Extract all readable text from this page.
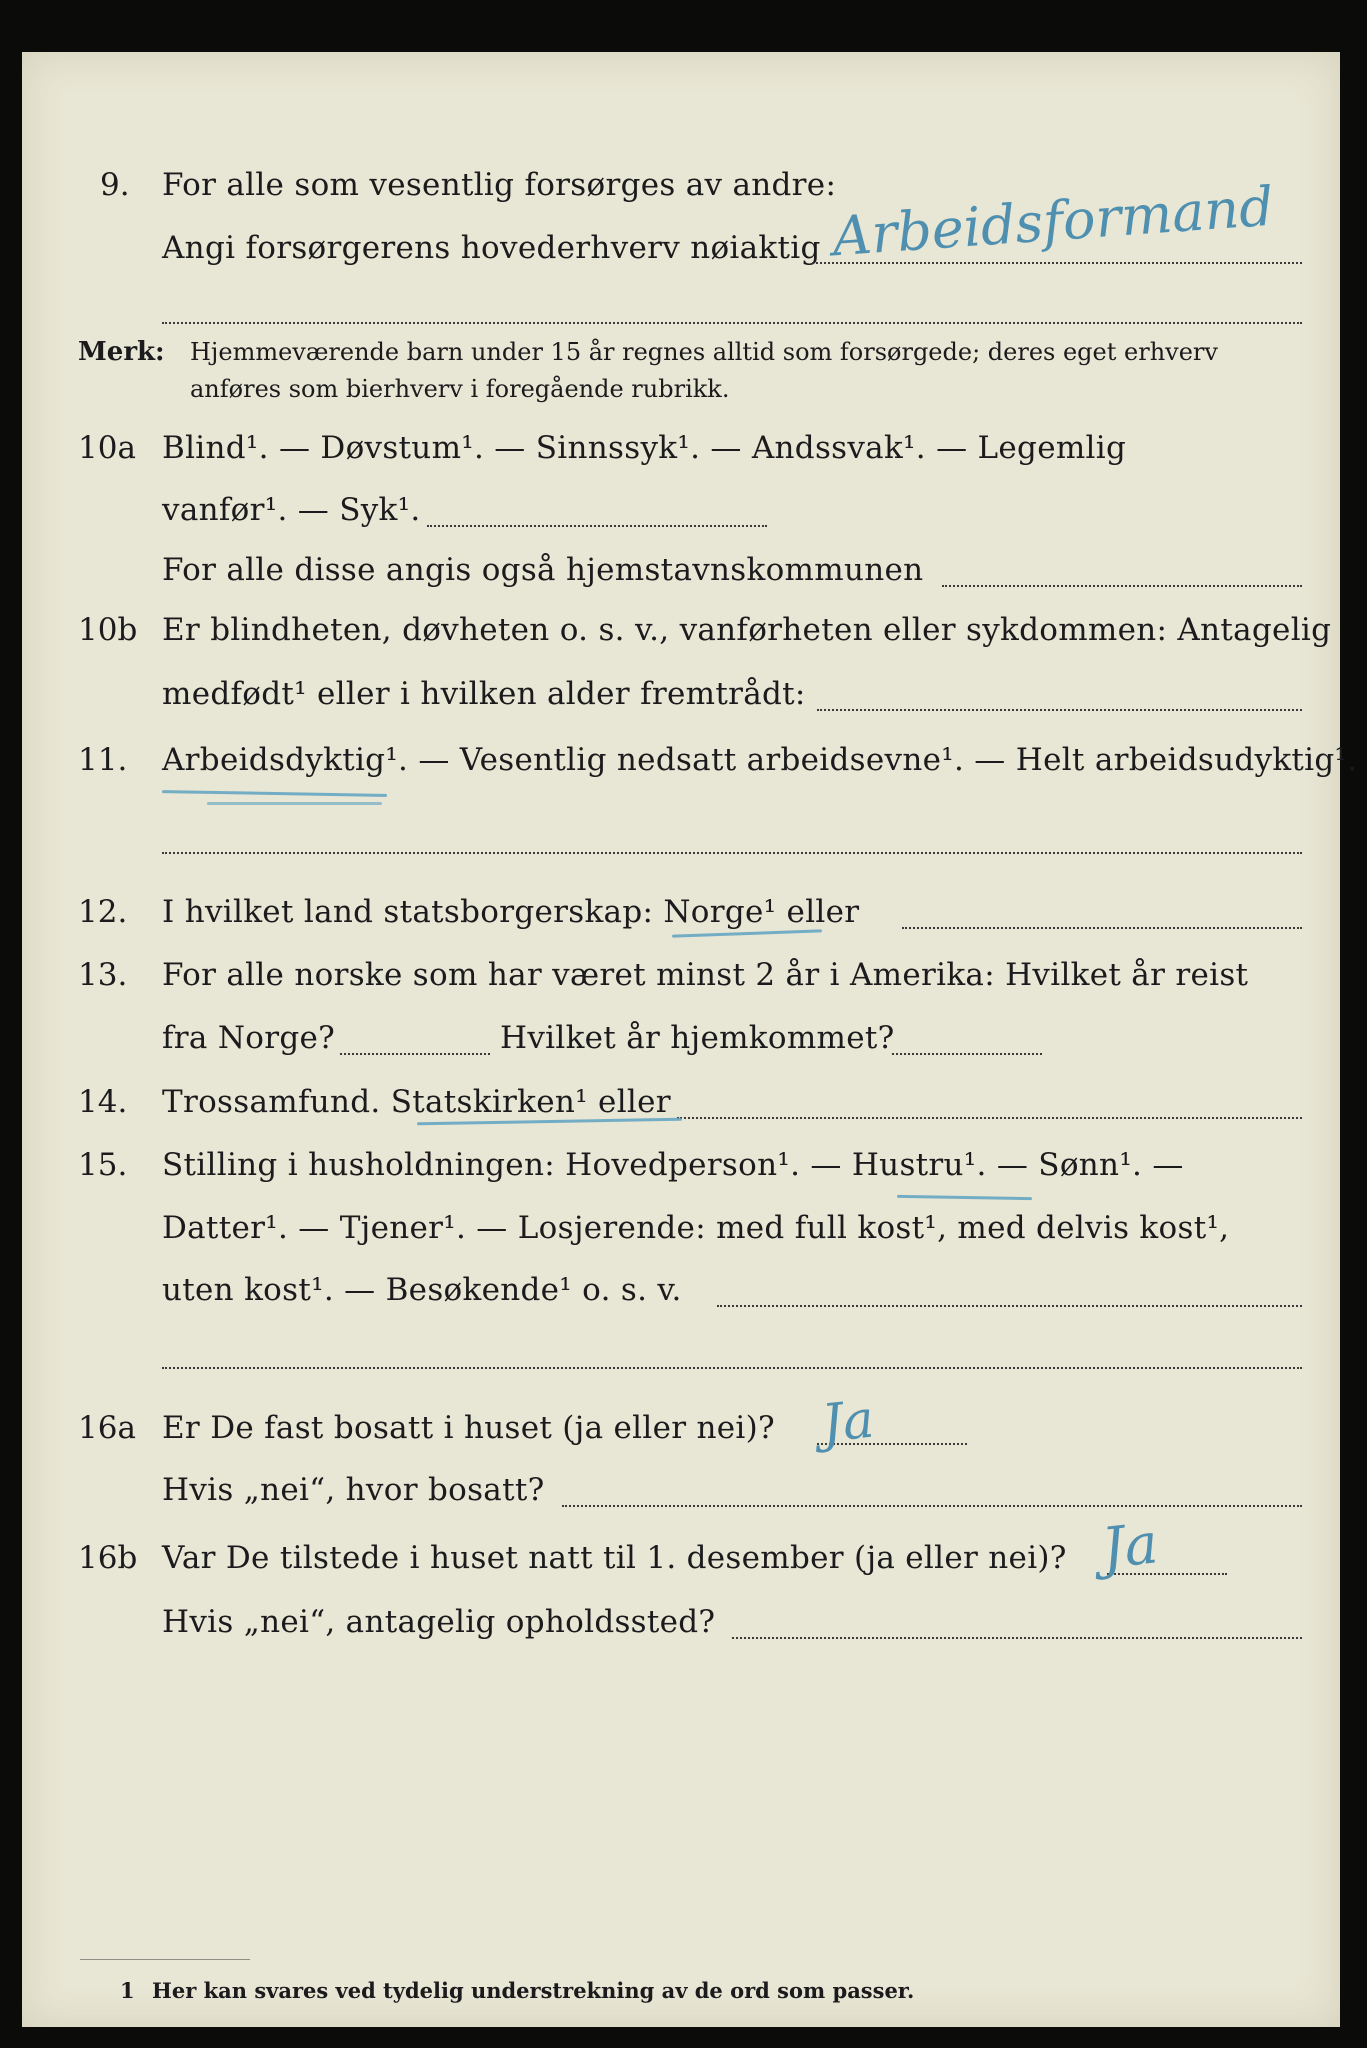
9. For alle som vesentlig forsørges av andre:
Angi forsørgerens hovederhverv nøiaktig Arbeidsformand
Merk: Hjemmeværende barn under 15 år regnes alltid som forsørgede; deres eget erhverv
anføres som bierhverv i foregående rubrikk.
10a Blind¹. — Døvstum¹. — Sinnssyk¹. — Andssvak¹. — Legemlig
vanfør¹. — Syk¹.
For alle disse angis også hjemstavnskommunen
10b Er blindheten, døvheten o. s. v., vanførheten eller sykdommen: Antagelig
medfødt¹ eller i hvilken alder fremtrådt:
11. Arbeidsdyktig¹. — Vesentlig nedsatt arbeidsevne¹. — Helt arbeidsudyktig¹.
12. I hvilket land statsborgerskap: Norge¹ eller
13. For alle norske som har været minst 2 år i Amerika: Hvilket år reist
fra Norge?	Hvilket år hjemkommet?
14. Trossamfund. Statskirken¹ eller
15. Stilling i husholdningen: Hovedperson¹. — Hustru¹. — Sønn¹. —
Datter¹. — Tjener¹. — Losjerende: med full kost¹, med delvis kost¹,
uten kost¹. — Besøkende¹ o. s. v.
16a Er De fast bosatt i huset (ja eller nei)? Ja
Hvis „nei“, hvor bosatt?
16b Var De tilstede i huset natt til 1. desember (ja eller nei)? Ja
Hvis „nei“, antagelig opholdssted?
1 Her kan svares ved tydelig understrekning av de ord som passer.
